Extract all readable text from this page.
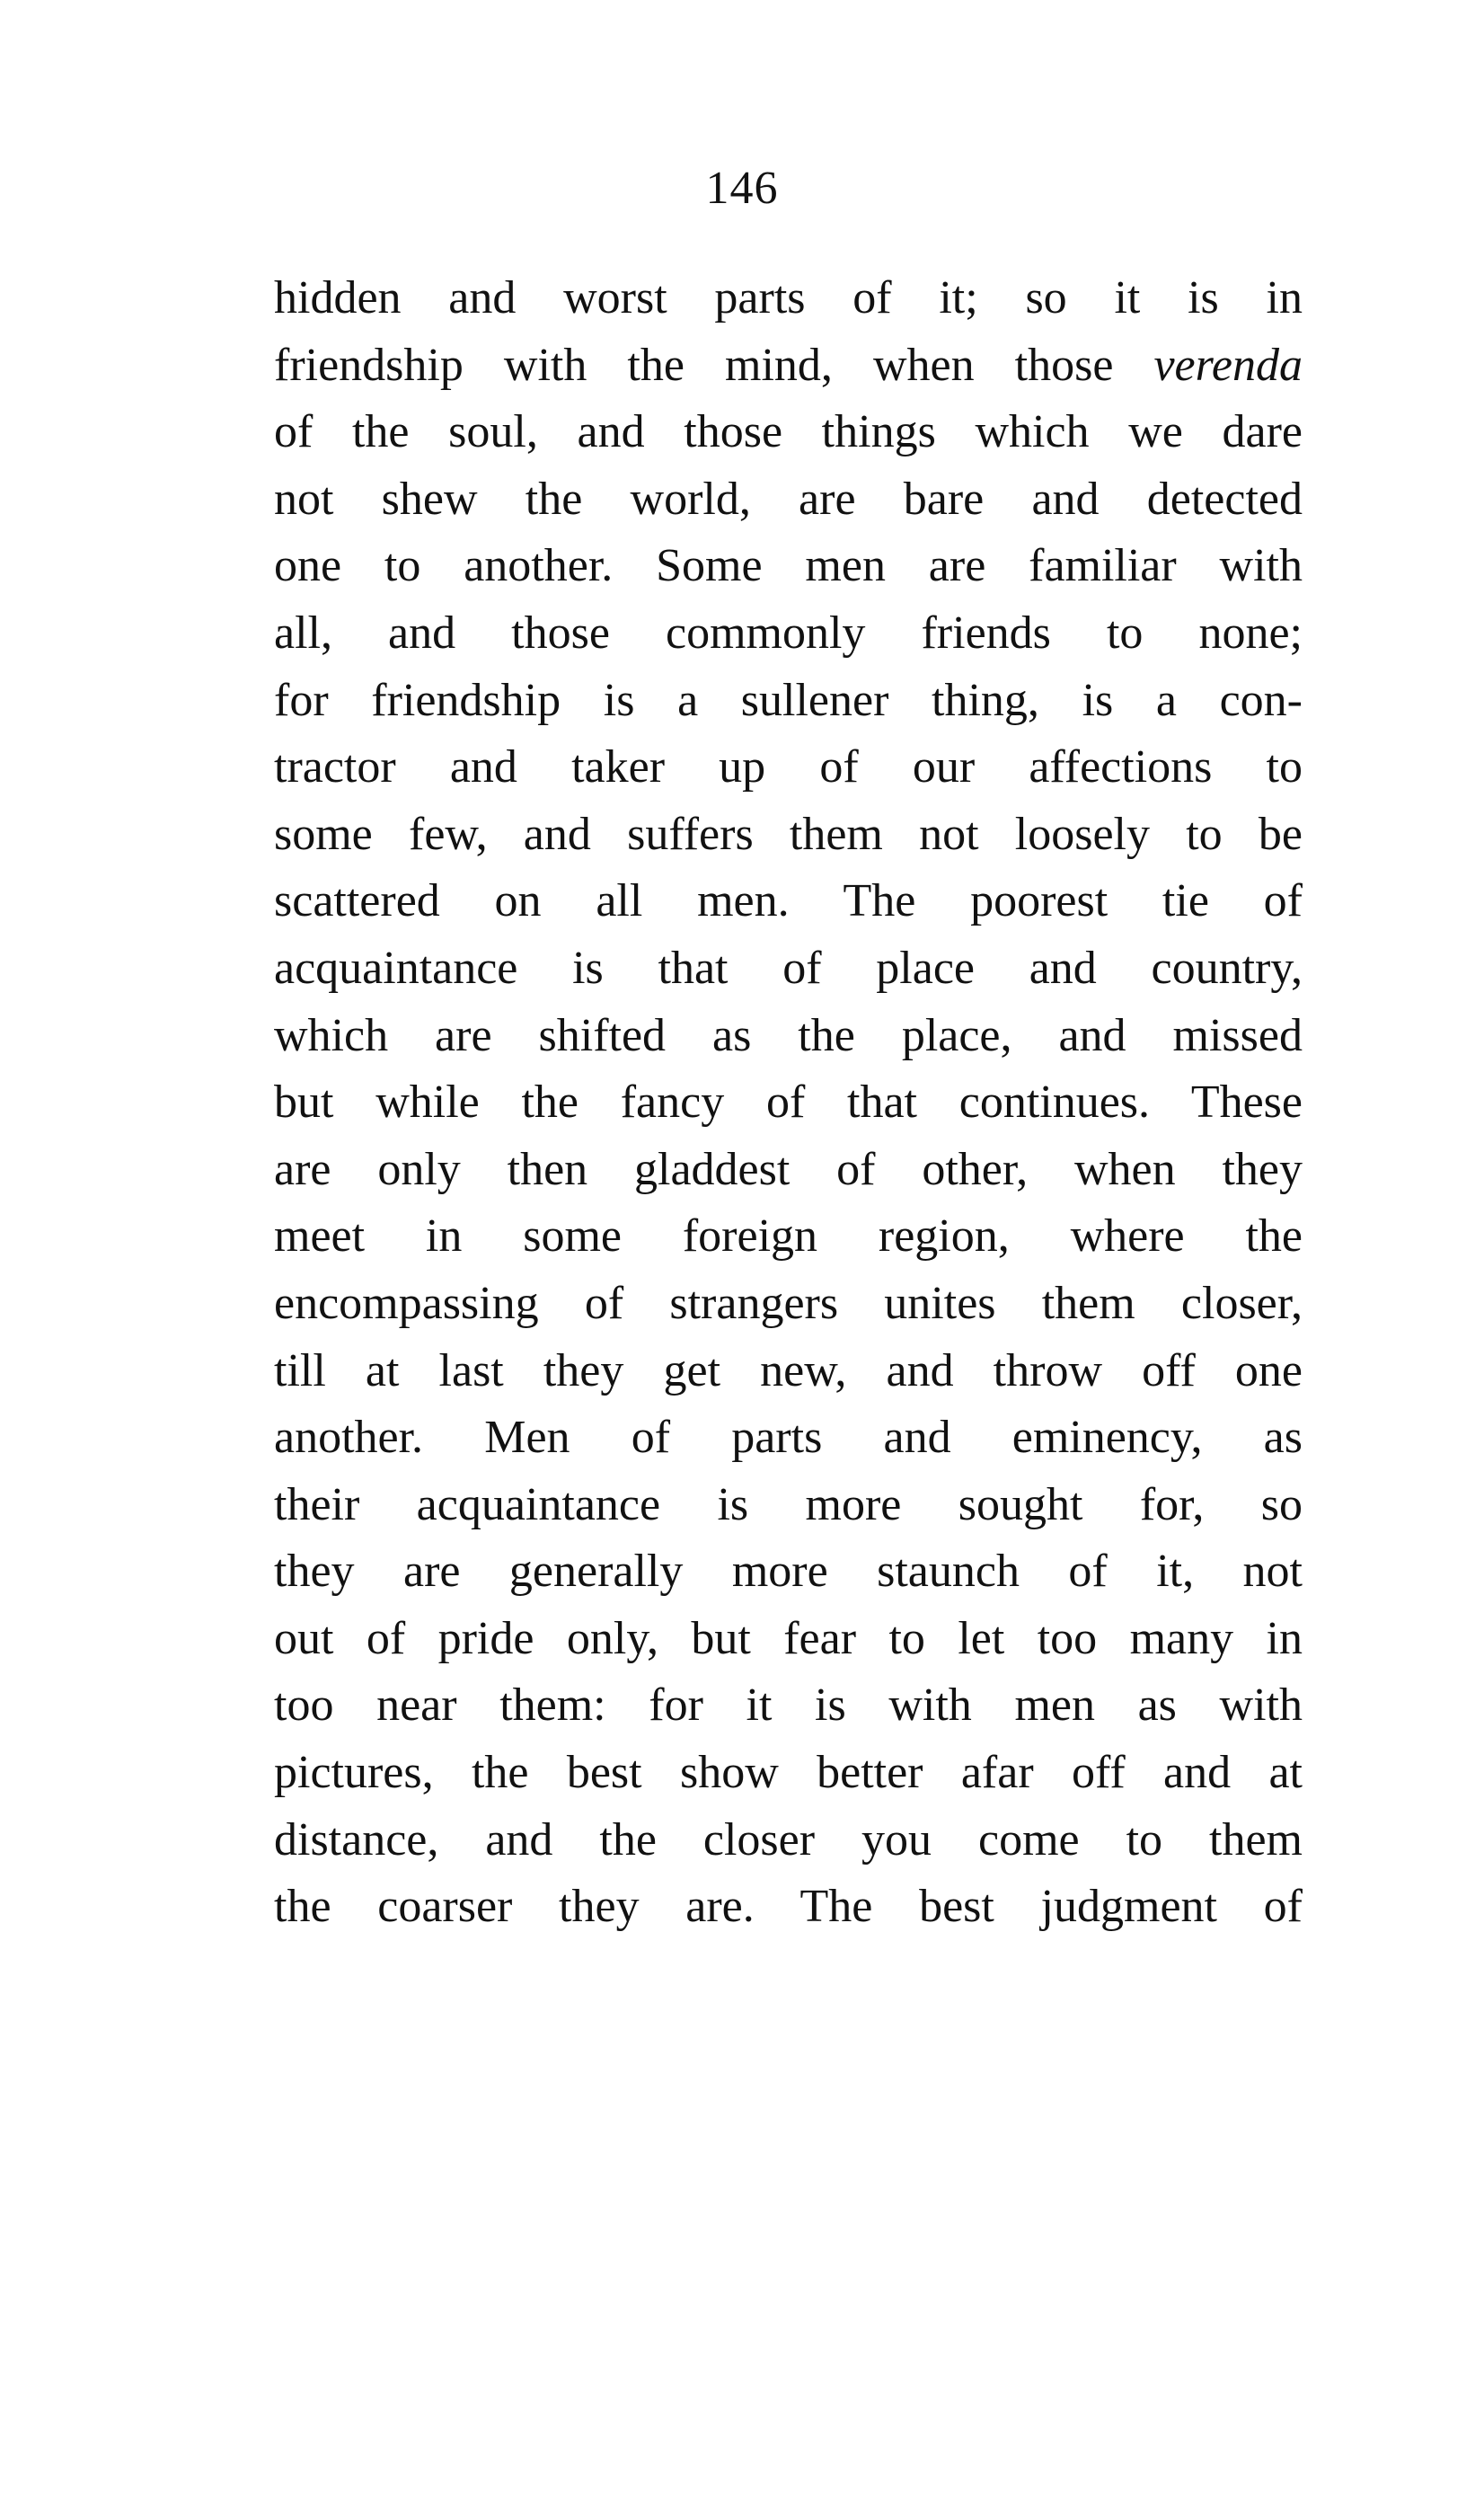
146
hidden and worst parts of it; so it is in
friendship with the mind, when those verenda
of the soul, and those things which we dare
not shew the world, are bare and detected
one to another. Some men are familiar with
all, and those commonly friends to none;
for friendship is a sullener thing, is a con-
tractor and taker up of our affections to
some few, and suffers them not loosely to be
scattered on all men. The poorest tie of
acquaintance is that of place and country,
which are shifted as the place, and missed
but while the fancy of that continues. These
are only then gladdest of other, when they
meet in some foreign region, where the
encompassing of strangers unites them closer,
till at last they get new, and throw off one
another. Men of parts and eminency, as
their acquaintance is more sought for, so
they are generally more staunch of it, not
out of pride only, but fear to let too many in
too near them: for it is with men as with
pictures, the best show better afar off and at
distance, and the closer you come to them
the coarser they are. The best judgment of
